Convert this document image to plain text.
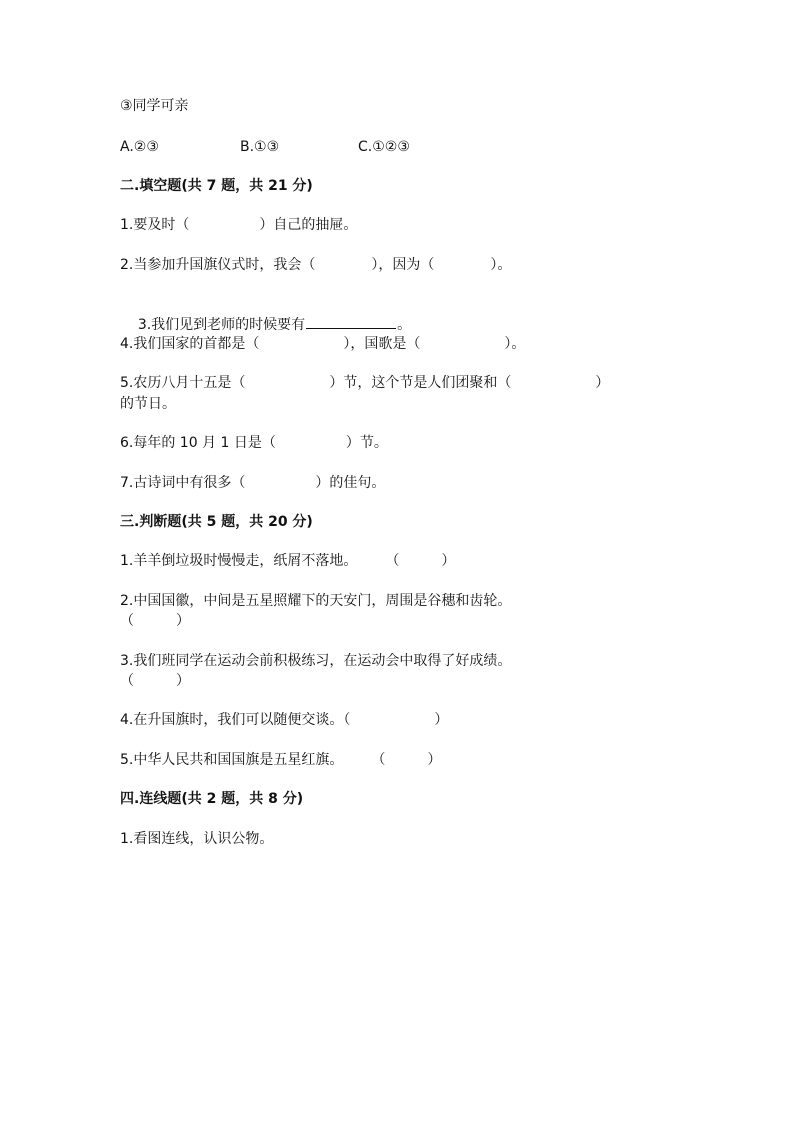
③同学可亲
A.②③	B.①③	C.①②③
二.填空题(共 7 题，共 21 分)
1.要及时（　　　　　）自己的抽屉。
2.当参加升国旗仪式时，我会（　　　　），因为（　　　　）。

3.我们见到老师的时候要有	。

4.我们国家的首都是（　　　　　　），国歌是（　　　　　　）。
5.农历八月十五是（　　　　　　）节，这个节是人们团聚和（　　　　　　）
的节日。
6.每年的 10 月 1 日是（　　　　　）节。
7.古诗词中有很多（　　　　　）的佳句。
三.判断题(共 5 题，共 20 分)
1.羊羊倒垃圾时慢慢走，纸屑不落地。　　　（　　　）
2.中国国徽，中间是五星照耀下的天安门，周围是谷穗和齿轮。
（　　　）
3.我们班同学在运动会前积极练习，在运动会中取得了好成绩。
（　　　）
4.在升国旗时，我们可以随便交谈。（　　　　　　）
5.中华人民共和国国旗是五星红旗。　　　（　　　）
四.连线题(共 2 题，共 8 分)
1.看图连线，认识公物。
